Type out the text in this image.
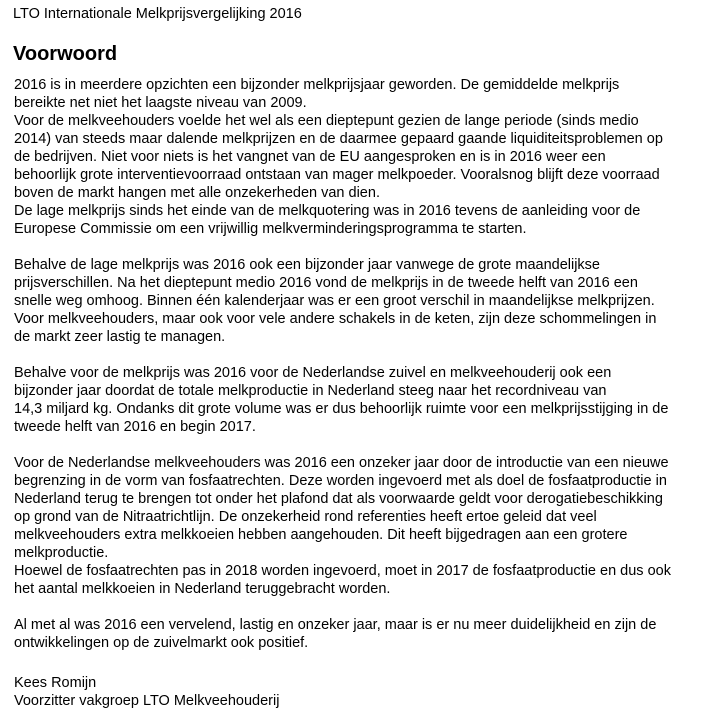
LTO Internationale Melkprijsvergelijking 2016
Voorwoord

2016 is in meerdere opzichten een bijzonder melkprijsjaar geworden. De gemiddelde melkprijs
bereikte net niet het laagste niveau van 2009.
Voor de melkveehouders voelde het wel als een dieptepunt gezien de lange periode (sinds medio
2014) van steeds maar dalende melkprijzen en de daarmee gepaard gaande liquiditeitsproblemen op
de bedrijven. Niet voor niets is het vangnet van de EU aangesproken en is in 2016 weer een
behoorlijk grote interventievoorraad ontstaan van mager melkpoeder. Vooralsnog blijft deze voorraad
boven de markt hangen met alle onzekerheden van dien.
De lage melkprijs sinds het einde van de melkquotering was in 2016 tevens de aanleiding voor de
Europese Commissie om een vrijwillig melkverminderingsprogramma te starten.

Behalve de lage melkprijs was 2016 ook een bijzonder jaar vanwege de grote maandelijkse
prijsverschillen. Na het dieptepunt medio 2016 vond de melkprijs in de tweede helft van 2016 een
snelle weg omhoog. Binnen één kalenderjaar was er een groot verschil in maandelijkse melkprijzen.
Voor melkveehouders, maar ook voor vele andere schakels in de keten, zijn deze schommelingen in
de markt zeer lastig te managen.

Behalve voor de melkprijs was 2016 voor de Nederlandse zuivel en melkveehouderij ook een
bijzonder jaar doordat de totale melkproductie in Nederland steeg naar het recordniveau van
14,3 miljard kg. Ondanks dit grote volume was er dus behoorlijk ruimte voor een melkprijsstijging in de
tweede helft van 2016 en begin 2017.

Voor de Nederlandse melkveehouders was 2016 een onzeker jaar door de introductie van een nieuwe
begrenzing in de vorm van fosfaatrechten. Deze worden ingevoerd met als doel de fosfaatproductie in
Nederland terug te brengen tot onder het plafond dat als voorwaarde geldt voor derogatiebeschikking
op grond van de Nitraatrichtlijn. De onzekerheid rond referenties heeft ertoe geleid dat veel
melkveehouders extra melkkoeien hebben aangehouden. Dit heeft bijgedragen aan een grotere
melkproductie.
Hoewel de fosfaatrechten pas in 2018 worden ingevoerd, moet in 2017 de fosfaatproductie en dus ook
het aantal melkkoeien in Nederland teruggebracht worden.

Al met al was 2016 een vervelend, lastig en onzeker jaar, maar is er nu meer duidelijkheid en zijn de
ontwikkelingen op de zuivelmarkt ook positief.

Kees Romijn
Voorzitter vakgroep LTO Melkveehouderij
